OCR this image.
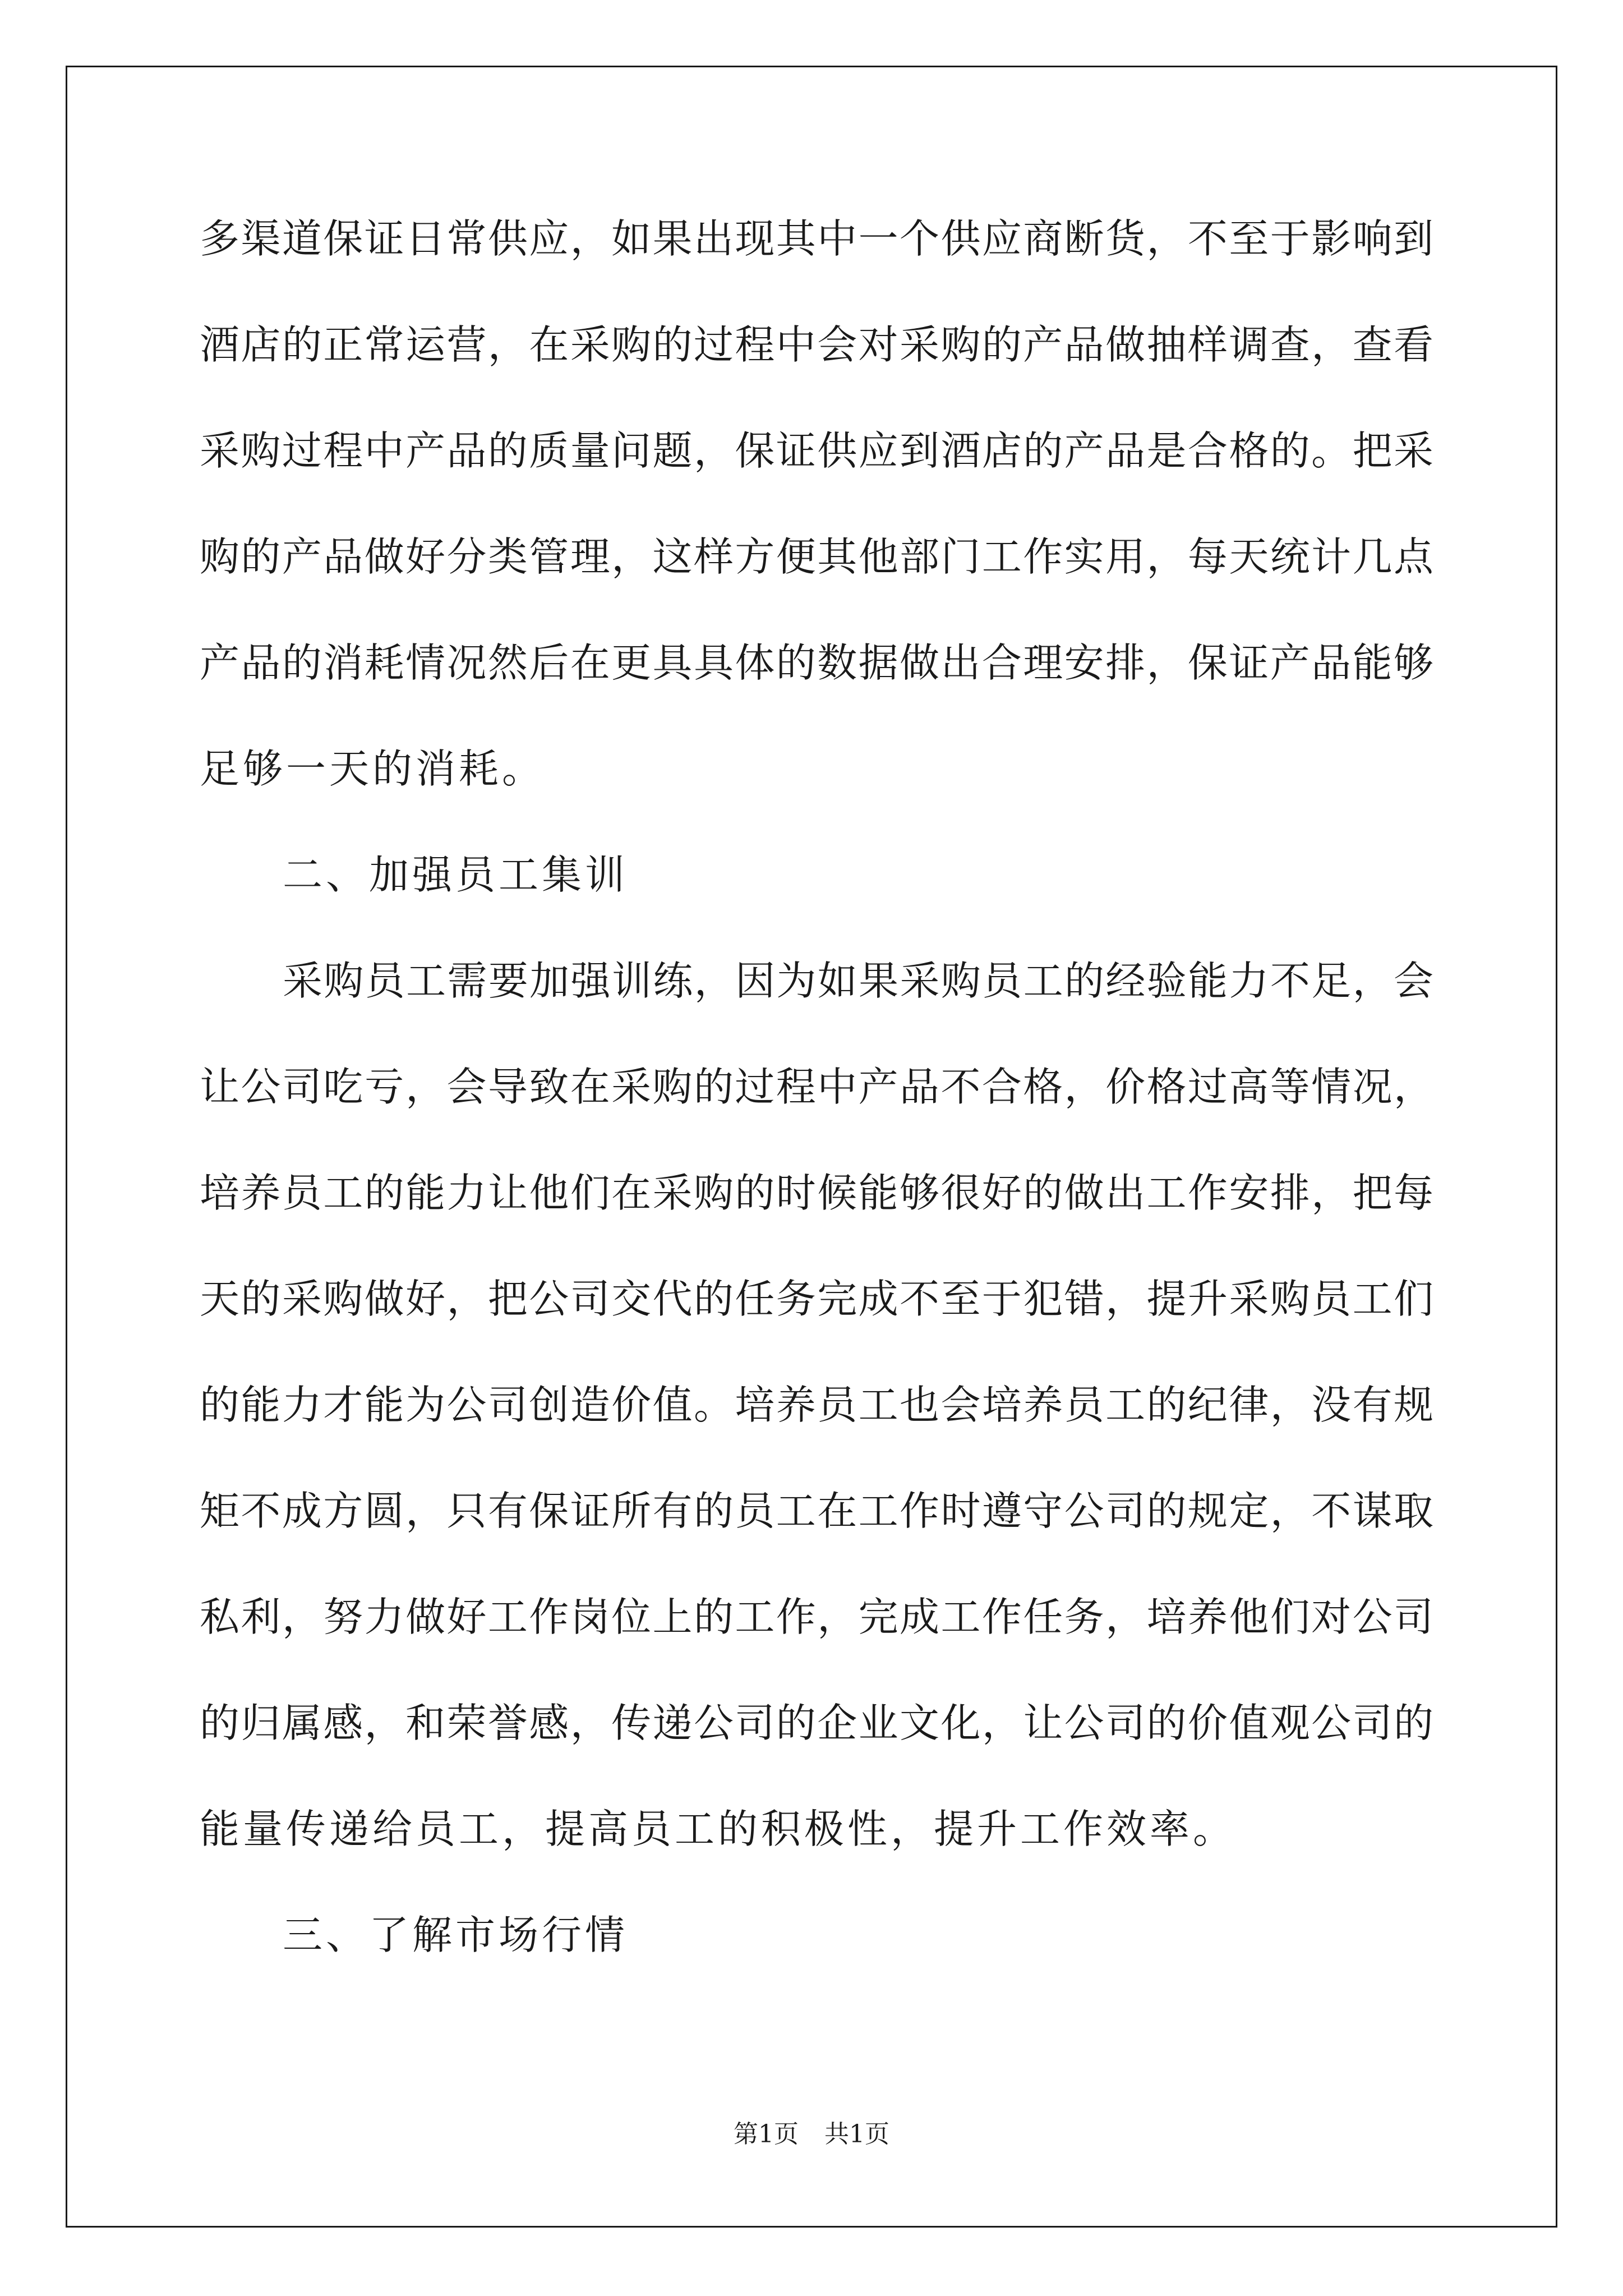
多渠道保证日常供应，如果出现其中一个供应商断货，不至于影响到
酒店的正常运营，在采购的过程中会对采购的产品做抽样调查，查看
采购过程中产品的质量问题，保证供应到酒店的产品是合格的。把采
购的产品做好分类管理，这样方便其他部门工作实用，每天统计几点
产品的消耗情况然后在更具具体的数据做出合理安排，保证产品能够
足够一天的消耗。
二、加强员工集训
采购员工需要加强训练，因为如果采购员工的经验能力不足，会
让公司吃亏，会导致在采购的过程中产品不合格，价格过高等情况，
培养员工的能力让他们在采购的时候能够很好的做出工作安排，把每
天的采购做好，把公司交代的任务完成不至于犯错，提升采购员工们
的能力才能为公司创造价值。培养员工也会培养员工的纪律，没有规
矩不成方圆，只有保证所有的员工在工作时遵守公司的规定，不谋取
私利，努力做好工作岗位上的工作，完成工作任务，培养他们对公司
的归属感，和荣誉感，传递公司的企业文化，让公司的价值观公司的
能量传递给员工，提高员工的积极性，提升工作效率。
三、了解市场行情
第1页 共1页
